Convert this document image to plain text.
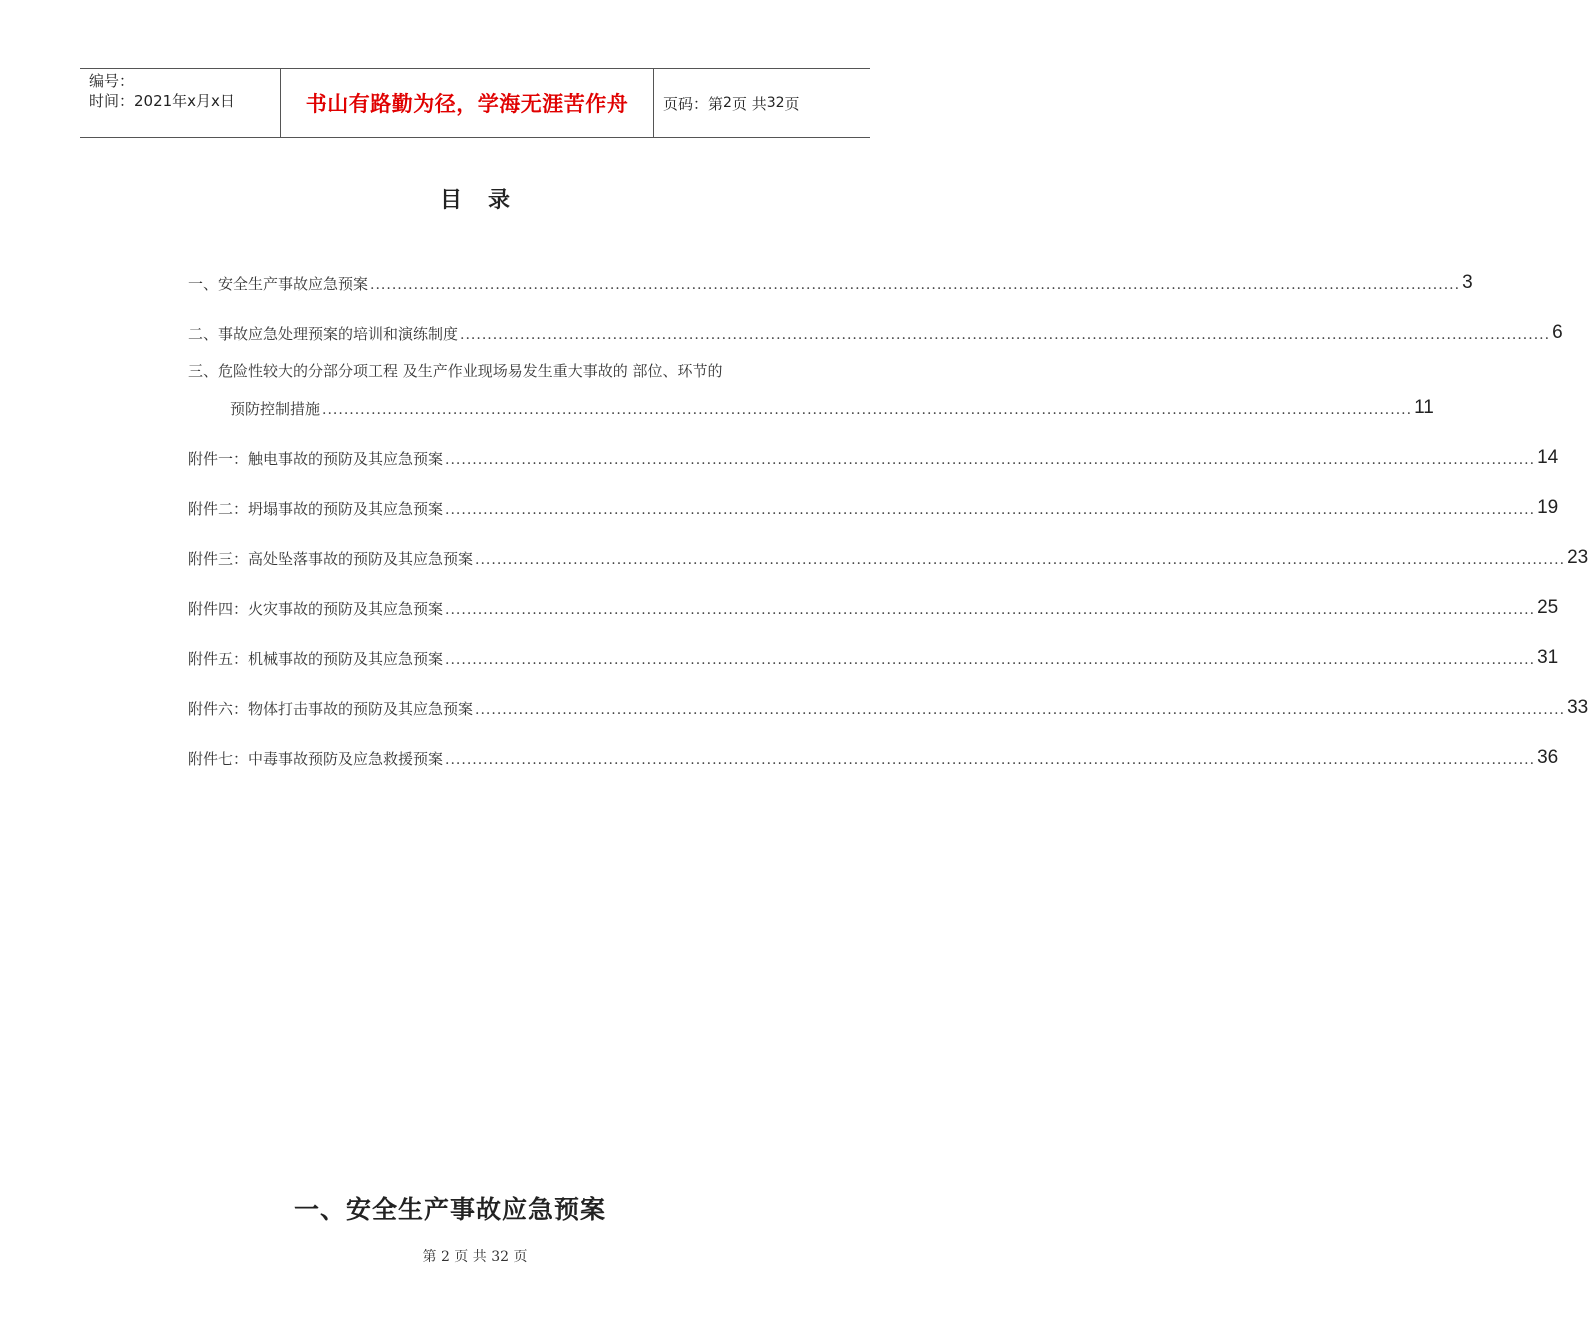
编号：
时间：2021年x月x日	书山有路勤为径，学海无涯苦作舟	页码：第 2 页 共 32 页
目 录
一、安全生产事故应急预案 ........................................................................................................................................................................................................ 3
二、事故应急处理预案的培训和演练制度 ........................................................................................................................................................................................................ 6
三、危险性较大的分部分项工程 及生产作业现场易发生重大事故的 部位、环节的
预防控制措施 ........................................................................................................................................................................................................ 11
附件一：触电事故的预防及其应急预案 ........................................................................................................................................................................................................ 14
附件二：坍塌事故的预防及其应急预案 ........................................................................................................................................................................................................ 19
附件三：高处坠落事故的预防及其应急预案 ........................................................................................................................................................................................................ 23
附件四：火灾事故的预防及其应急预案 ........................................................................................................................................................................................................ 25
附件五：机械事故的预防及其应急预案 ........................................................................................................................................................................................................ 31
附件六：物体打击事故的预防及其应急预案 ........................................................................................................................................................................................................ 33
附件七：中毒事故预防及应急救援预案 ........................................................................................................................................................................................................ 36
一、安全生产事故应急预案
第 2 页 共 32 页
